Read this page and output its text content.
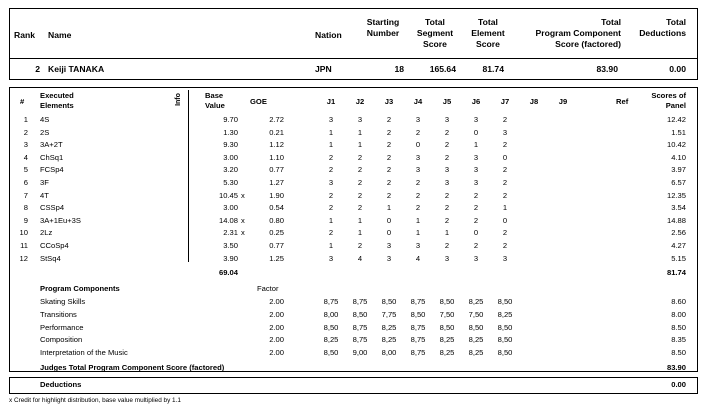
Rank Name	Nation
Starting
Number
Total
Segment
Score
Total
Element
Score
Total
Program Component
Score (factored)
Total
Deductions
2 Keiji TANAKA	JPN	18	165.64	81.74	83.90	0.00
#
Executed
Elements	Info	Base
Value	GOE	J1	J2	J3	J4	J5	J6	J7	J8	J9	Ref
Scores of
Panel
1 4S	9.70	2.72	3	3	2	3	3	3	2	12.42
2 2S	1.30	0.21	1	1	2	2	2	0	3	1.51
3 3A+2T	9.30	1.12	1	1	2	0	2	1	2	10.42
4 ChSq1	3.00	1.10	2	2	2	3	2	3	0	4.10
5 FCSp4	3.20	0.77	2	2	2	3	3	3	2	3.97
6 3F	5.30	1.27	3	2	2	2	3	3	2	6.57
7 4T	10.45 x	1.90	2	2	2	2	2	2	2	12.35
8 CSSp4	3.00	0.54	2	2	1	2	2	2	1	3.54
9 3A+1Eu+3S	14.08 x	0.80	1	1	0	1	2	2	0	14.88
10 2Lz	2.31 x	0.25	2	1	0	1	1	0	2	2.56
11 CCoSp4	3.50	0.77	1	2	3	3	2	2	2	4.27
12 StSq4	3.90	1.25	3	4	3	4	3	3	3	5.15
69.04	81.74
Program Components	Factor
Skating Skills	2.00	8,75	8,75	8,50	8,75	8,50	8,25	8,50	8.60
Transitions	2.00	8,00	8,50	7,75	8,50	7,50	7,50	8,25	8.00
Performance	2.00	8,50	8,75	8,25	8,75	8,50	8,50	8,50	8.50
Composition	2.00	8,25	8,75	8,25	8,75	8,25	8,25	8,50	8.35
Interpretation of the Music	2.00	8,50	9,00	8,00	8,75	8,25	8,25	8,50	8.50
Judges Total Program Component Score (factored)	83.90
Deductions	0.00
x Credit for highlight distribution, base value multiplied by 1.1
